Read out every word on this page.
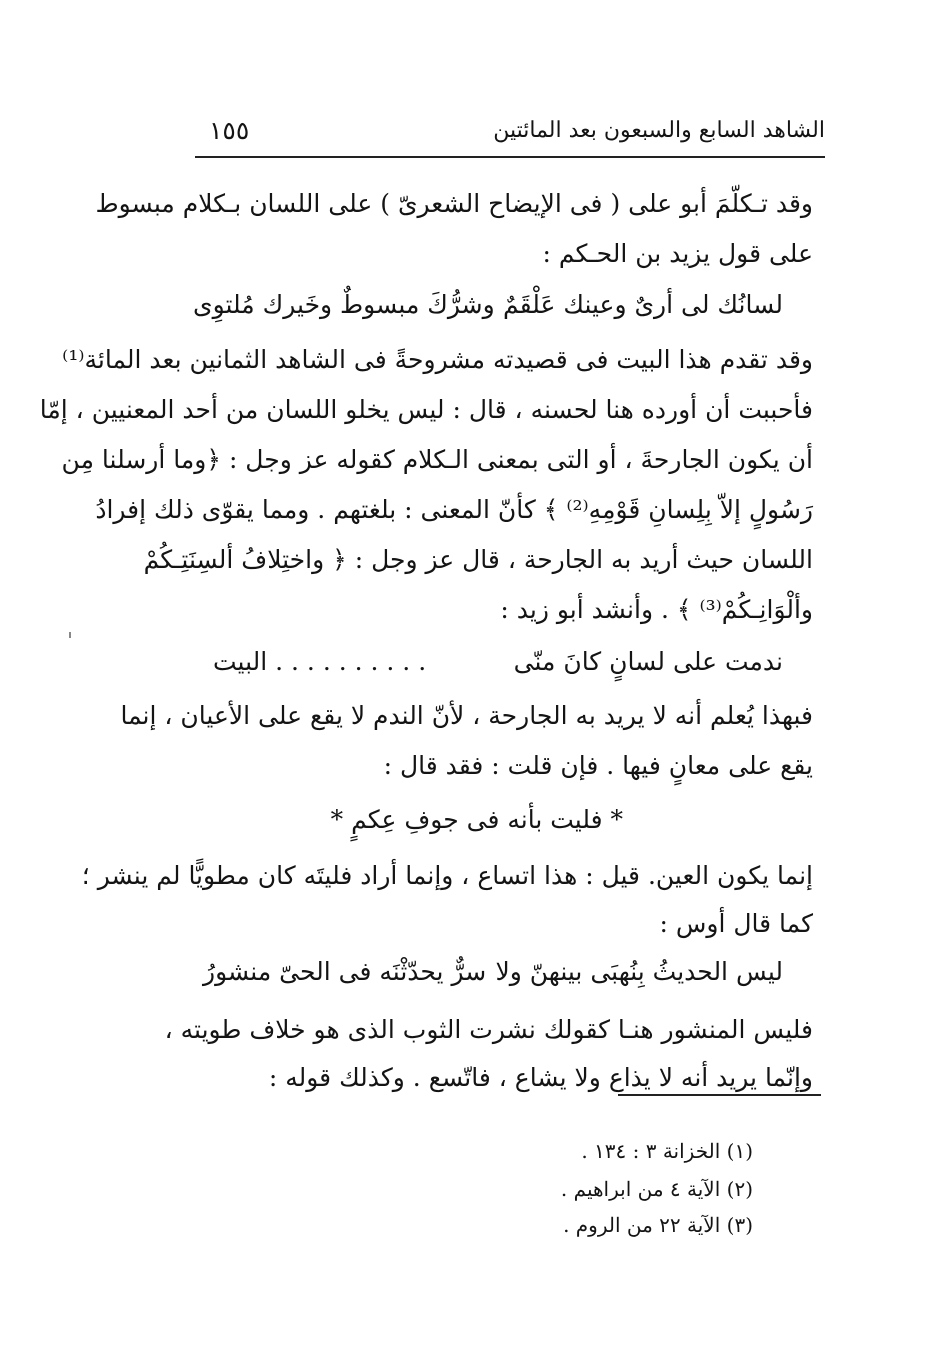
الشاهد السابع والسبعون بعد المائتين
١٥٥
وقد تـكلّمَ أبو على ( فى الإيضاح الشعرىّ ) على اللسان بـكلام مبسوط
على قول يزيد بن الحـكم :
لسانُك لى أرىٌ وعينك عَلْقَمٌ
وشرُّكَ مبسوطٌ وخَيرك مُلتوِى
وقد تقدم هذا البيت فى قصيدته مشروحةً فى الشاهد الثمانين بعد المائة⁽¹⁾
فأحببت أن أورده هنا لحسنه ، قال : ليس يخلو اللسان من أحد المعنيين ، إمّا
أن يكون الجارحةَ ، أو التى بمعنى الـكلام كقوله عز وجل : ﴿وما أرسلنا مِن
رَسُولٍ إلاّ بِلِسانِ قَوْمِهِ⁽²⁾ ﴾ كأنّ المعنى : بلغتهم . ومما يقوّى ذلك إفرادُ
اللسان حيث أريد به الجارحة ، قال عز وجل : ﴿ واختِلافُ ألسِنَتِـكُمْ
وألْوَانِـكُمْ⁽³⁾ ﴾ . وأنشد أبو زيد :
ندمت على لسانٍ كانَ منّى
. . . . . . . . . . البيت
فبهذا يُعلم أنه لا يريد به الجارحة ، لأنّ الندم لا يقع على الأعيان ، إنما
يقع على معانٍ فيها . فإن قلت : فقد قال :
* فليت بأنه فى جوفِ عِكمٍ *
إنما يكون العين. قيل : هذا اتساع ، وإنما أراد فليتَه كان مطويًّا لم ينشر ؛
كما قال أوس :
ليس الحديثُ بِنُهبَى بينهنّ ولا
سرٌّ يحدّثْنَه فى الحىّ منشورُ
فليس المنشور هنـا كقولك نشرت الثوب الذى هو خلاف طويته ،
وإنّما يريد أنه لا يذاع ولا يشاع ، فاتّسع . وكذلك قوله :
(١) الخزانة ٣ : ١٣٤ .
(٢) الآية ٤ من ابراهيم .
(٣) الآية ٢٢ من الروم .
